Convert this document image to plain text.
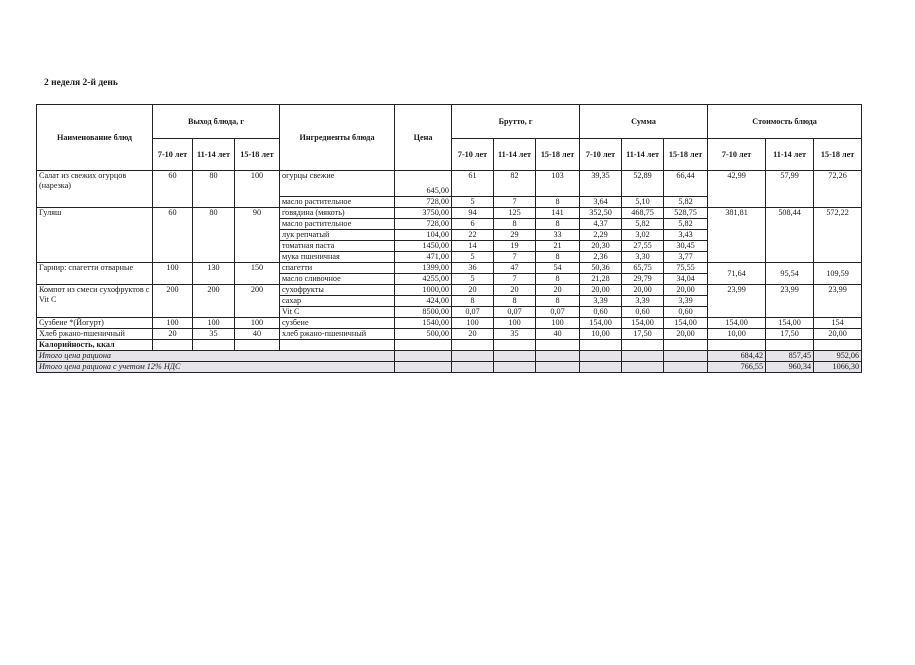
2 неделя 2-й день
Наименование блюд	Выход блюда, г			Ингредиенты блюда	Цена	Брутто, г			Сумма			Стоимость блюда		
	7-10 лет	11-14 лет	15-18 лет			7-10 лет	11-14 лет	15-18 лет	7-10 лет	11-14 лет	15-18 лет	7-10 лет	11-14 лет	15-18 лет
Салат из свежих огурцов (нарезка)	60	80	100	огурцы свежие	645,00	61	82	103	39,35	52,89	66,44	42,99	57,99	72,26
				масло растительное	728,00	5	7	8	3,64	5,10	5,82			
Гуляш	60	80	90	говядина (мякоть)	3750,00	94	125	141	352,50	468,75	528,75	381,81	508,44	572,22
				масло растительное	728,00	6	8	8	4,37	5,82	5,82			
				лук репчатый	104,00	22	29	33	2,29	3,02	3,43			
				томатная паста	1450,00	14	19	21	20,30	27,55	30,45			
				мука пшеничная	471,00	5	7	8	2,36	3,30	3,77			
Гарнир: спагетти отварные	100	130	150	спагетти	1399,00	36	47	54	50,36	65,75	75,55	71,64	95,54	109,59
				масло сливочное	4255,00	5	7	8	21,28	29,79	34,04			
Компот из смеси сухофруктов с Vit C	200	200	200	сухофрукты	1000,00	20	20	20	20,00	20,00	20,00	23,99	23,99	23,99
				сахар	424,00	8	8	8	3,39	3,39	3,39			
				Vit C	8500,00	0,07	0,07	0,07	0,60	0,60	0,60			
Сузбеие *(Йогурт)	100	100	100	сузбеие	1540,00	100	100	100	154,00	154,00	154,00	154,00	154,00	154
Хлеб ржано-пшеничный	20	35	40	хлеб ржано-пшеничный	500,00	20	35	40	10,00	17,50	20,00	10,00	17,50	20,00
Калорийность, ккал														
Итого цена рациона												684,42	857,45	952,06
Итого цена рациона с учетом 12% НДС												766,55	960,34	1066,30
